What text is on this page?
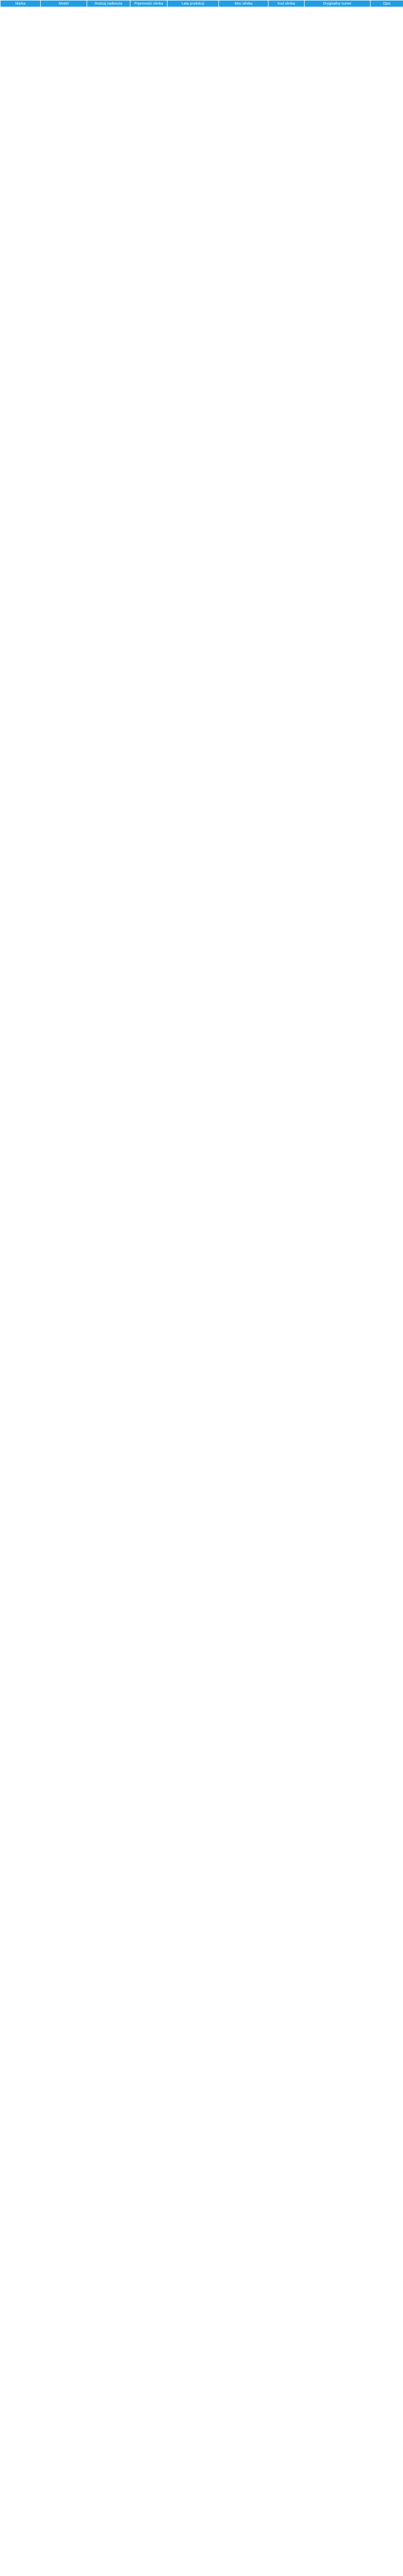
Marka	Model	Rodzaj nadwozia	Pojemność silnika	Lata produkcji	Moc silnika	Kod silnika	Oryginalny numer	Opis
